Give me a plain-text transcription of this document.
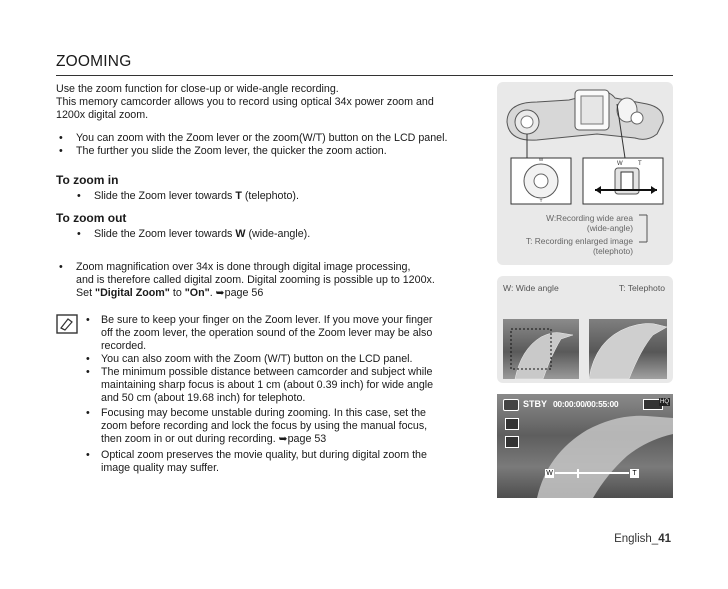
ZOOMING
Use the zoom function for close-up or wide-angle recording.
This memory camcorder allows you to record using optical 34x power zoom and
1200x digital zoom.
• You can zoom with the Zoom lever or the zoom(W/T) button on the LCD panel.
• The further you slide the Zoom lever, the quicker the zoom action.
To zoom in
• Slide the Zoom lever towards T (telephoto).
To zoom out
• Slide the Zoom lever towards W (wide-angle).
• Zoom magnification over 34x is done through digital image processing,
and is therefore called digital zoom. Digital zooming is possible up to 1200x.
Set "Digital Zoom" to "On". ➥page 56
• Be sure to keep your finger on the Zoom lever. If you move your finger
off the zoom lever, the operation sound of the Zoom lever may be also
recorded.
• You can also zoom with the Zoom (W/T) button on the LCD panel.
• The minimum possible distance between camcorder and subject while
maintaining sharp focus is about 1 cm (about 0.39 inch) for wide angle
and 50 cm (about 19.68 inch) for telephoto.
• Focusing may become unstable during zooming. In this case, set the
zoom before recording and lock the focus by using the manual focus,
then zoom in or out during recording. ➥page 53
• Optical zoom preserves the movie quality, but during digital zoom the
image quality may suffer.
W
T
W	T
W:Recording wide area
(wide-angle)
T: Recording enlarged image
(telephoto)
W: Wide angle	T: Telephoto
STBY 00:00:00/00:55:00	HQ
W	T
English_41
